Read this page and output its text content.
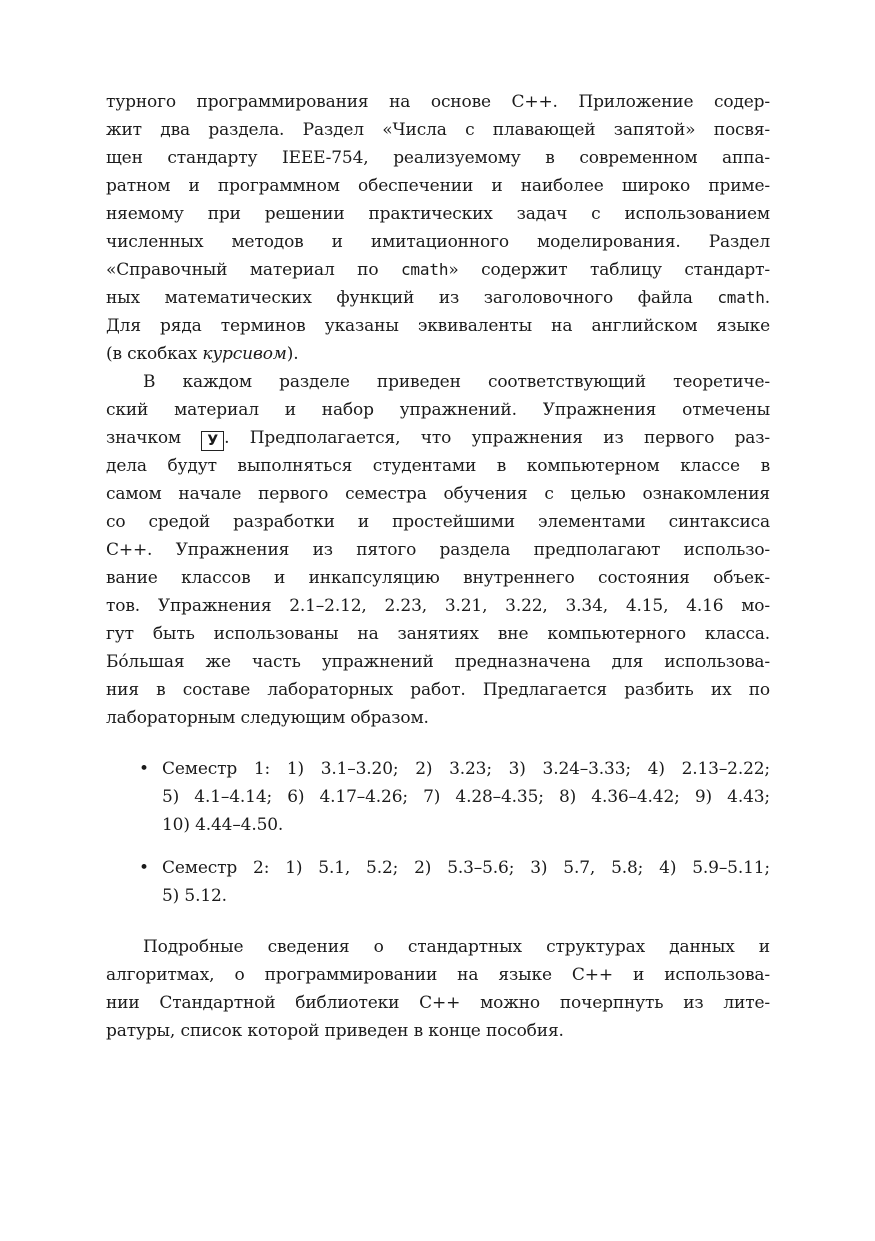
турного программирования на основе C++. Приложение содер-
жит два раздела. Раздел «Числа с плавающей запятой» посвя-
щен стандарту IEEE-754, реализуемому в современном аппа-
ратном и программном обеспечении и наиболее широко приме-
няемому при решении практических задач с использованием
численных методов и имитационного моделирования. Раздел
«Справочный материал по cmath» содержит таблицу стандарт-
ных математических функций из заголовочного файла cmath.
Для ряда терминов указаны эквиваленты на английском языке
(в скобках курсивом).
В каждом разделе приведен соответствующий теоретиче-
ский материал и набор упражнений. Упражнения отмечены
значком У . Предполагается, что упражнения из первого раз-
дела будут выполняться студентами в компьютерном классе в
самом начале первого семестра обучения с целью ознакомления
со средой разработки и простейшими элементами синтаксиса
C++. Упражнения из пятого раздела предполагают использо-
вание классов и инкапсуляцию внутреннего состояния объек-
тов. Упражнения 2.1–2.12, 2.23, 3.21, 3.22, 3.34, 4.15, 4.16 мо-
гут быть использованы на занятиях вне компьютерного класса.
Бо́льшая же часть упражнений предназначена для использова-
ния в составе лабораторных работ. Предлагается разбить их по
лабораторным следующим образом.
• Семестр 1: 1) 3.1–3.20; 2) 3.23; 3) 3.24–3.33; 4) 2.13–2.22;
5) 4.1–4.14; 6) 4.17–4.26; 7) 4.28–4.35; 8) 4.36–4.42; 9) 4.43;
10) 4.44–4.50.
• Семестр 2: 1) 5.1, 5.2; 2) 5.3–5.6; 3) 5.7, 5.8; 4) 5.9–5.11;
5) 5.12.
Подробные сведения о стандартных структурах данных и
алгоритмах, о программировании на языке C++ и использова-
нии Стандартной библиотеки C++ можно почерпнуть из лите-
ратуры, список которой приведен в конце пособия.
